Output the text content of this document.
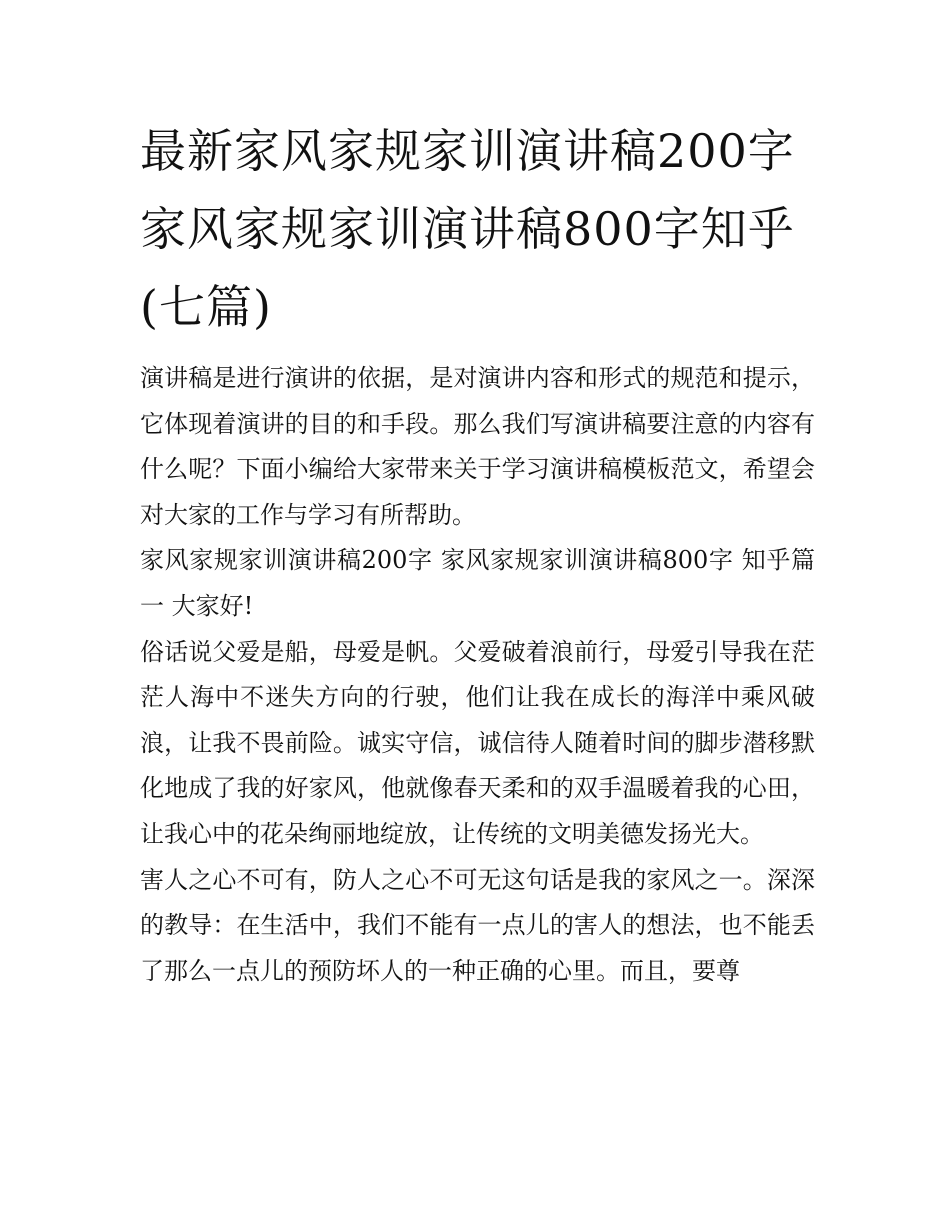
最新家风家规家训演讲稿200字 家风家规家训演讲稿800字知乎(七篇)

演讲稿是进行演讲的依据，是对演讲内容和形式的规范和提示，它体现着演讲的目的和手段。那么我们写演讲稿要注意的内容有什么呢？下面小编给大家带来关于学习演讲稿模板范文，希望会对大家的工作与学习有所帮助。

家风家规家训演讲稿200字 家风家规家训演讲稿800字 知乎篇一 大家好!

俗话说父爱是船，母爱是帆。父爱破着浪前行，母爱引导我在茫茫人海中不迷失方向的行驶，他们让我在成长的海洋中乘风破浪，让我不畏前险。诚实守信，诚信待人随着时间的脚步潜移默化地成了我的好家风，他就像春天柔和的双手温暖着我的心田，让我心中的花朵绚丽地绽放，让传统的文明美德发扬光大。

害人之心不可有，防人之心不可无这句话是我的家风之一。深深的教导：在生活中，我们不能有一点儿的害人的想法，也不能丢了那么一点儿的预防坏人的一种正确的心里。而且，要尊
